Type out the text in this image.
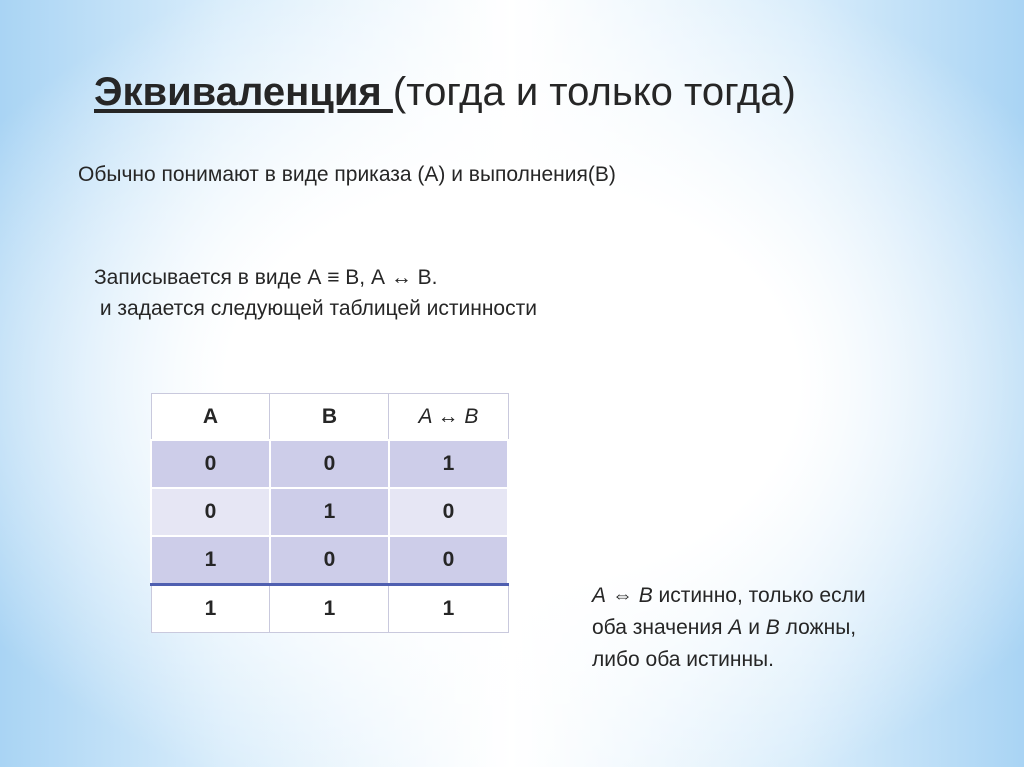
Эквиваленция (тогда и только тогда)

Обычно понимают в виде приказа (А) и выполнения(В)

Записывается в виде А ≡ В, А ↔ В.

и задается следующей таблицей истинности

A	B	A ↔ B
0	0	1
0	1	0
1	0	0
1	1	1

A ⇔ B истинно, только если
оба значения A и B ложны,
либо оба истинны.
